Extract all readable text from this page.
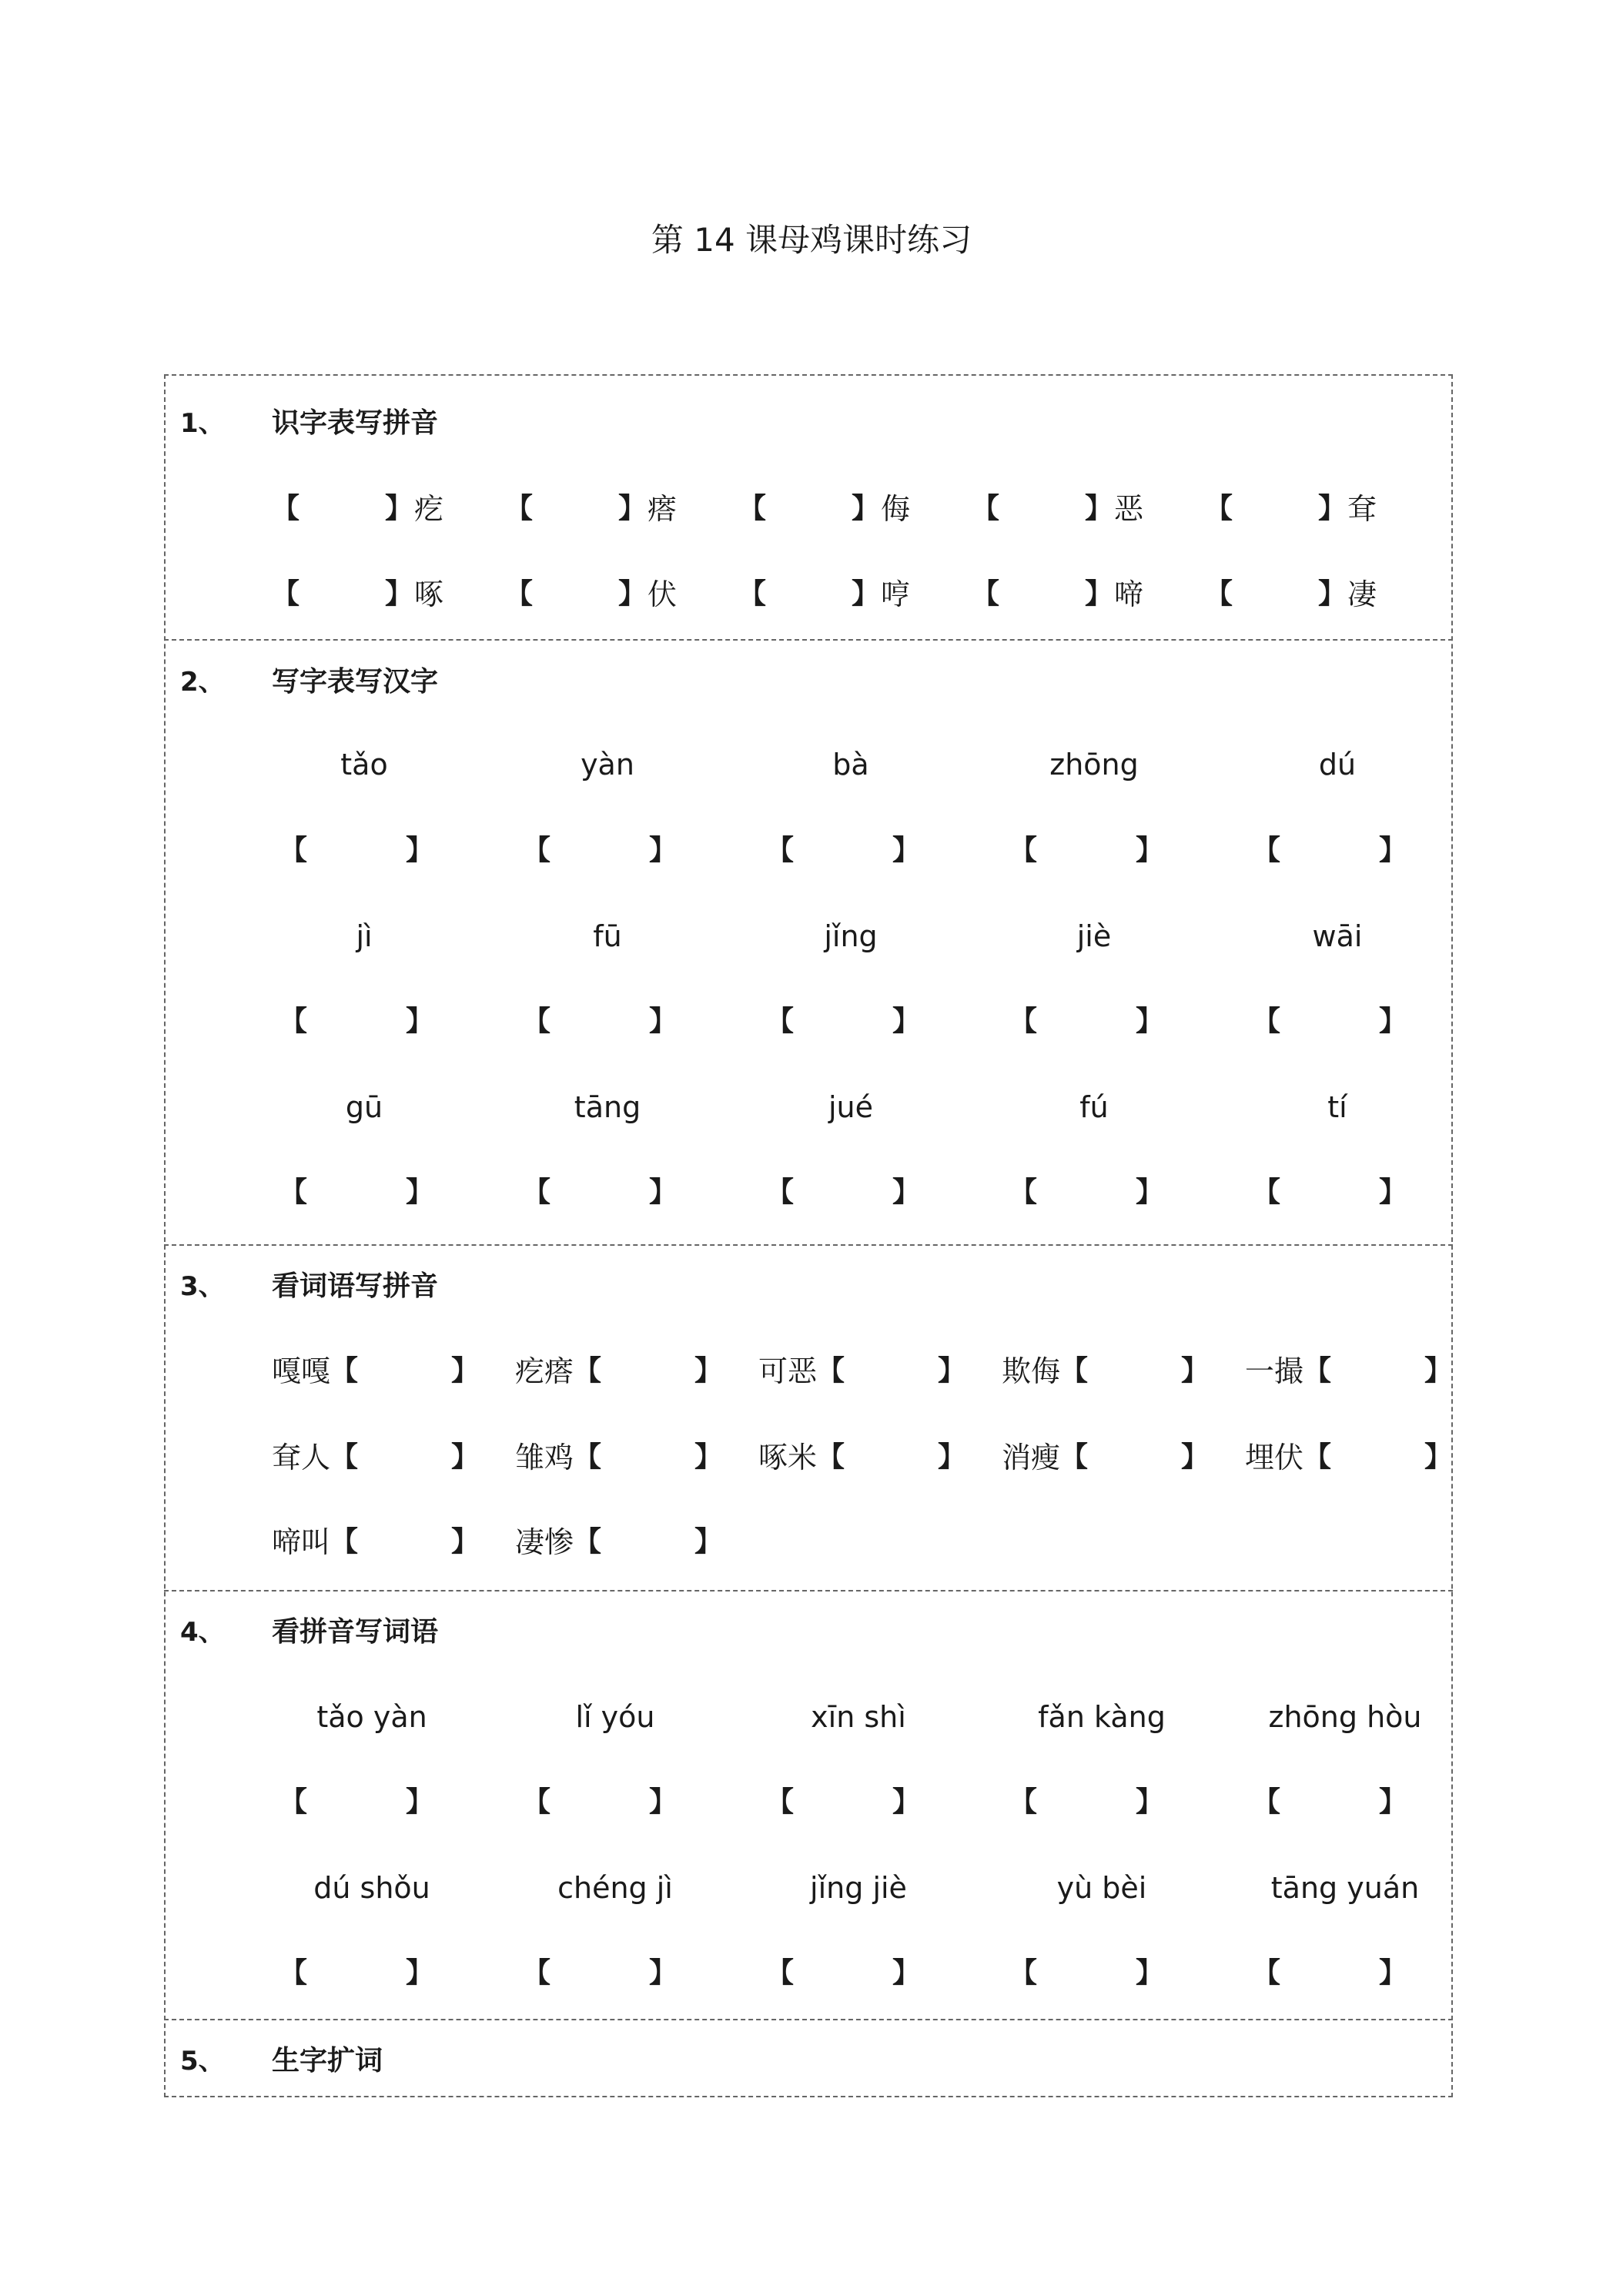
第 14 课母鸡课时练习
1、	识字表写拼音
2、	写字表写汉字
3、	看词语写拼音
4、	看拼音写词语
5、	生字扩词
【	】 疙 【	】 瘩 【	】 侮 【	】 恶 【	】 耷
【	】 啄 【	】 伏 【	】 哼 【	】 啼 【	】 凄
tǎo	yàn	bà	zhōng	dú
【	】	【	】	【	】	【	】	【	】
jì	fū	jǐng	jiè	wāi
【	】	【	】	【	】	【	】	【	】
gū	tāng	jué	fú	tí
【	】	【	】	【	】	【	】	【	】
嘎嘎 【	】 疙瘩 【	】 可恶 【	】 欺侮 【	】 一撮 【	】
耷人 【	】 雏鸡 【	】 啄米 【	】 消瘦 【	】 埋伏 【	】
啼叫 【	】 凄惨 【	】
tǎo yàn	lǐ yóu	xīn shì	fǎn kàng	zhōng hòu
【	】	【	】	【	】	【	】	【	】
dú shǒu	chéng jì	jǐng jiè	yù bèi	tāng yuán
【	】	【	】	【	】	【	】	【	】
